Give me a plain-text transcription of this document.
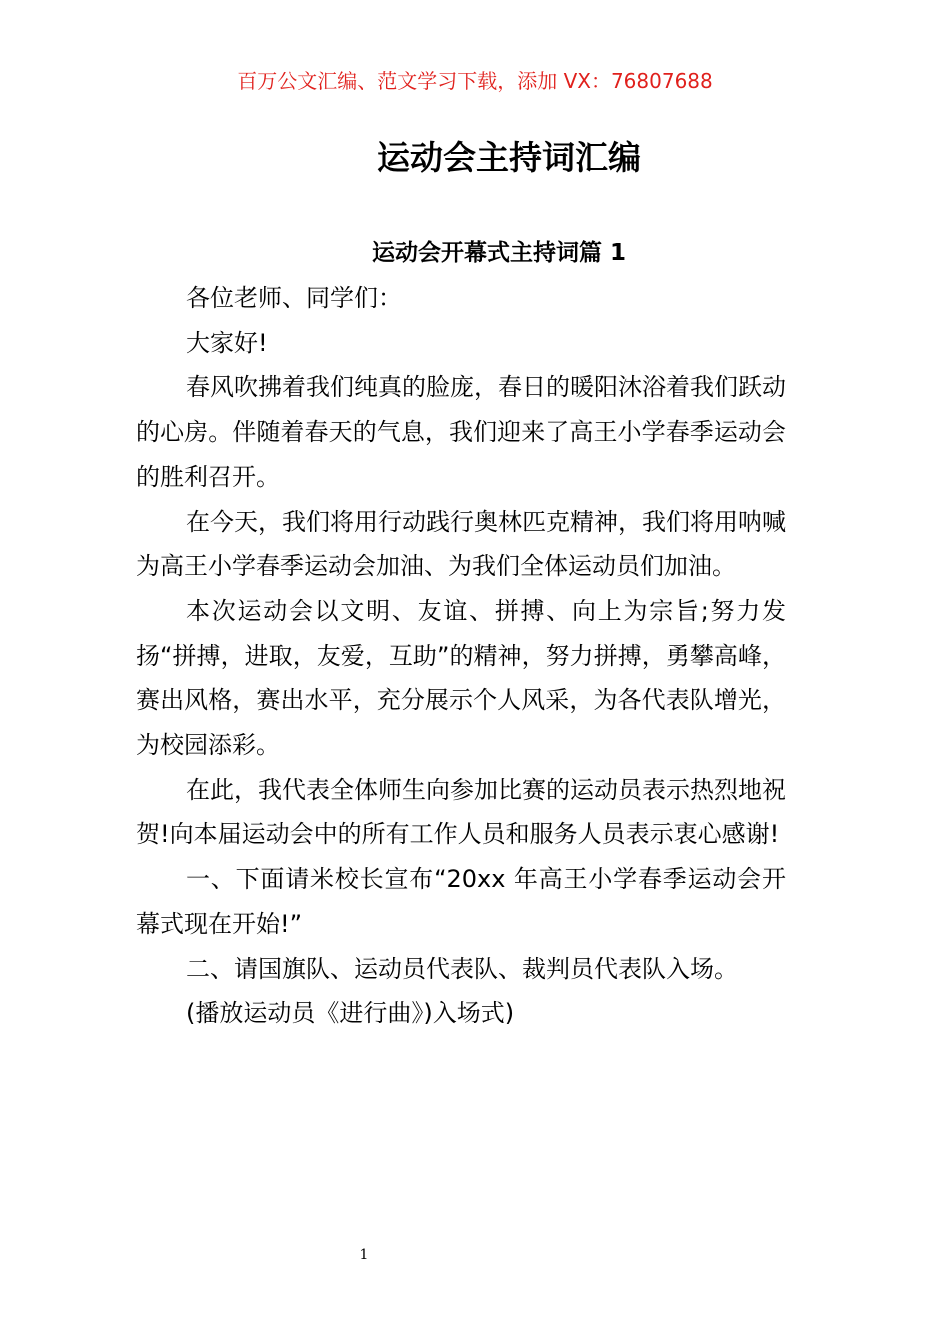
百万公文汇编、范文学习下载，添加 VX：76807688
运动会主持词汇编
运动会开幕式主持词篇 1

各位老师、同学们：

大家好!

春风吹拂着我们纯真的脸庞，春日的暖阳沐浴着我们跃动的心房。伴随着春天的气息，我们迎来了高王小学春季运动会的胜利召开。

在今天，我们将用行动践行奥林匹克精神，我们将用呐喊为高王小学春季运动会加油、为我们全体运动员们加油。

本次运动会以文明、友谊、拼搏、向上为宗旨;努力发扬“拼搏，进取，友爱，互助”的精神，努力拼搏，勇攀高峰，赛出风格，赛出水平，充分展示个人风采，为各代表队增光，为校园添彩。

在此，我代表全体师生向参加比赛的运动员表示热烈地祝贺!向本届运动会中的所有工作人员和服务人员表示衷心感谢!

一、下面请米校长宣布“20xx 年高王小学春季运动会开幕式现在开始!”

二、请国旗队、运动员代表队、裁判员代表队入场。

(播放运动员《进行曲》)入场式)

1
